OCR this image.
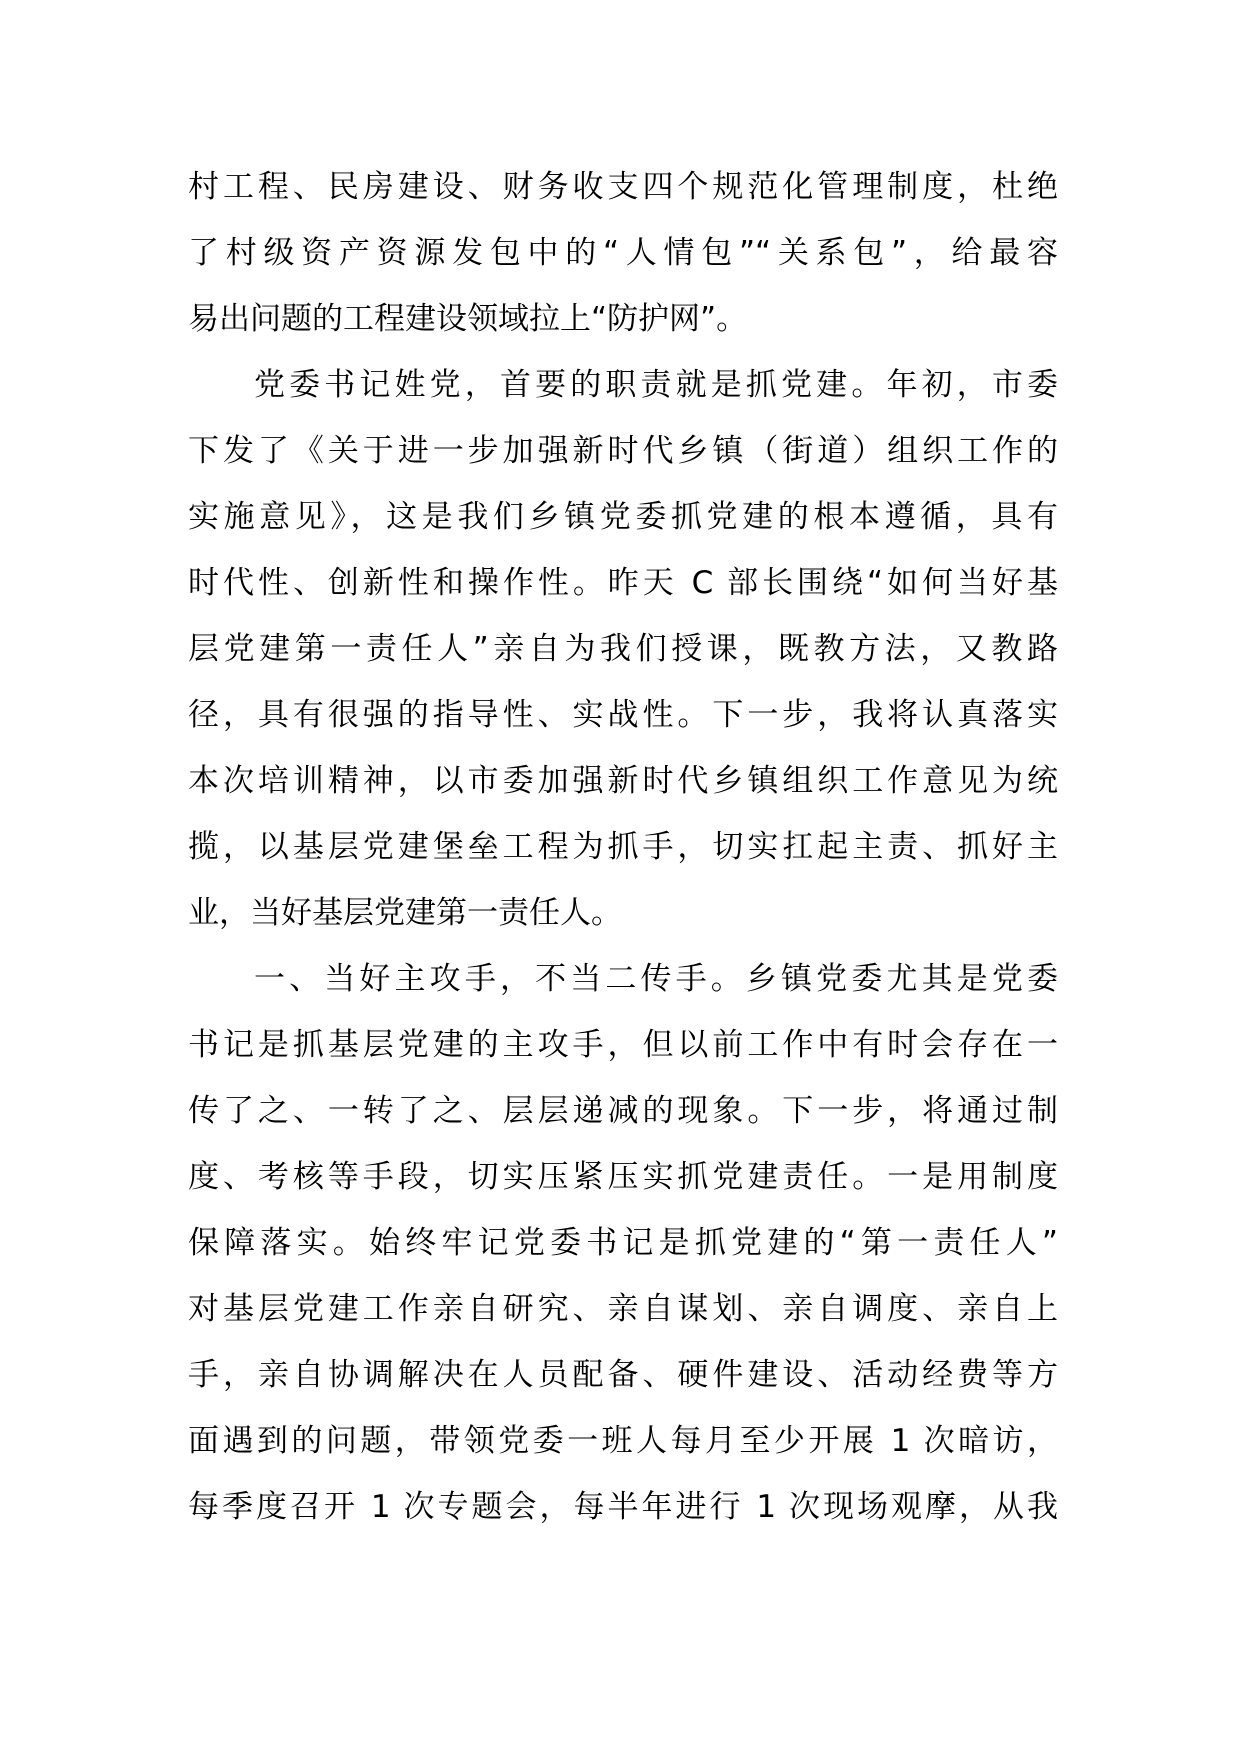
村工程、民房建设、财务收支四个规范化管理制度，杜绝
了村级资产资源发包中的“人情包”“关系包”，给最容
易出问题的工程建设领域拉上“防护网”。
党委书记姓党，首要的职责就是抓党建。年初，市委
下发了《关于进一步加强新时代乡镇（街道）组织工作的
实施意见》，这是我们乡镇党委抓党建的根本遵循，具有
时代性、创新性和操作性。昨天 C 部长围绕“如何当好基
层党建第一责任人”亲自为我们授课，既教方法，又教路
径，具有很强的指导性、实战性。下一步，我将认真落实
本次培训精神，以市委加强新时代乡镇组织工作意见为统
揽，以基层党建堡垒工程为抓手，切实扛起主责、抓好主
业，当好基层党建第一责任人。
一、当好主攻手，不当二传手。乡镇党委尤其是党委
书记是抓基层党建的主攻手，但以前工作中有时会存在一
传了之、一转了之、层层递减的现象。下一步，将通过制
度、考核等手段，切实压紧压实抓党建责任。一是用制度
保障落实。始终牢记党委书记是抓党建的“第一责任人”
对基层党建工作亲自研究、亲自谋划、亲自调度、亲自上
手，亲自协调解决在人员配备、硬件建设、活动经费等方
面遇到的问题，带领党委一班人每月至少开展 1 次暗访，
每季度召开 1 次专题会，每半年进行 1 次现场观摩，从我
